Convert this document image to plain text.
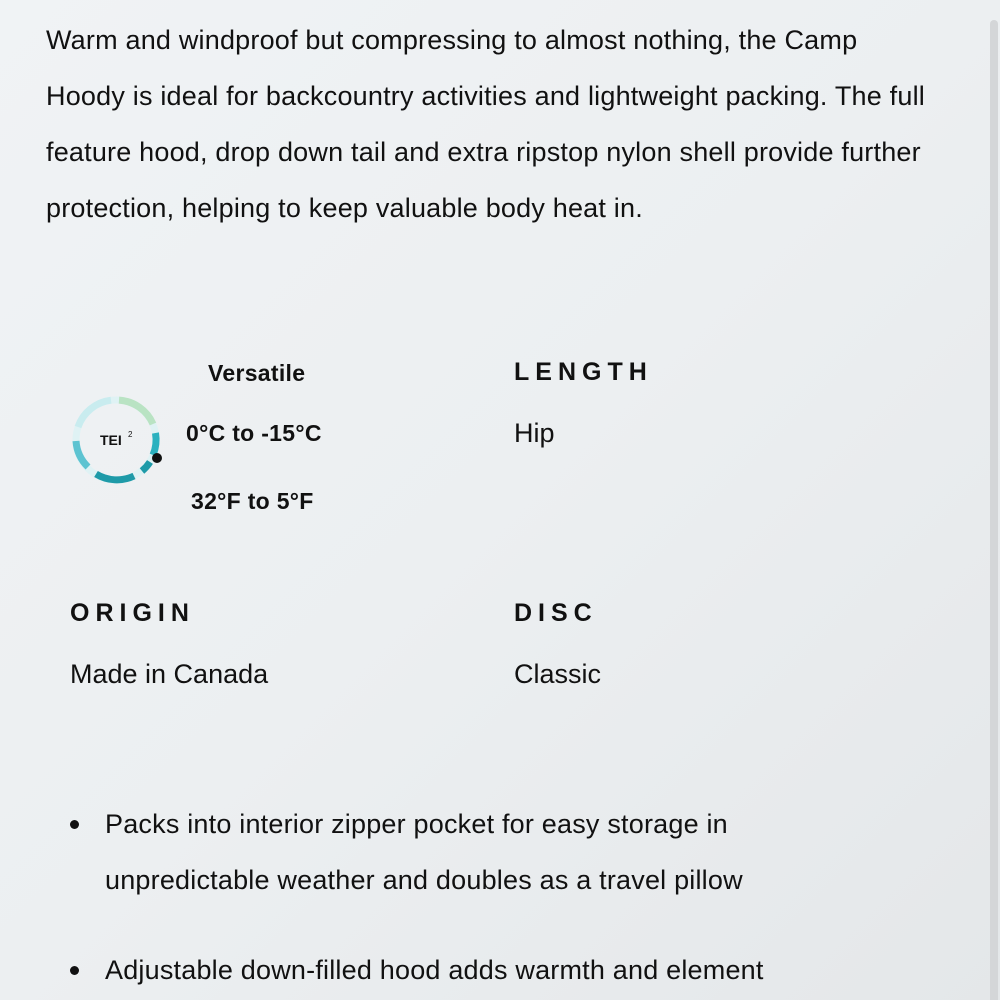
Warm and windproof but compressing to almost nothing, the Camp Hoody is ideal for backcountry activities and lightweight packing. The full feature hood, drop down tail and extra ripstop nylon shell provide further protection, helping to keep valuable body heat in.

TEI 2
Versatile
0°C to -15°C
32°F to 5°F
LENGTH

Hip

ORIGIN

Made in Canada

DISC

Classic

Packs into interior zipper pocket for easy storage in unpredictable weather and doubles as a travel pillow
Adjustable down-filled hood adds warmth and element
